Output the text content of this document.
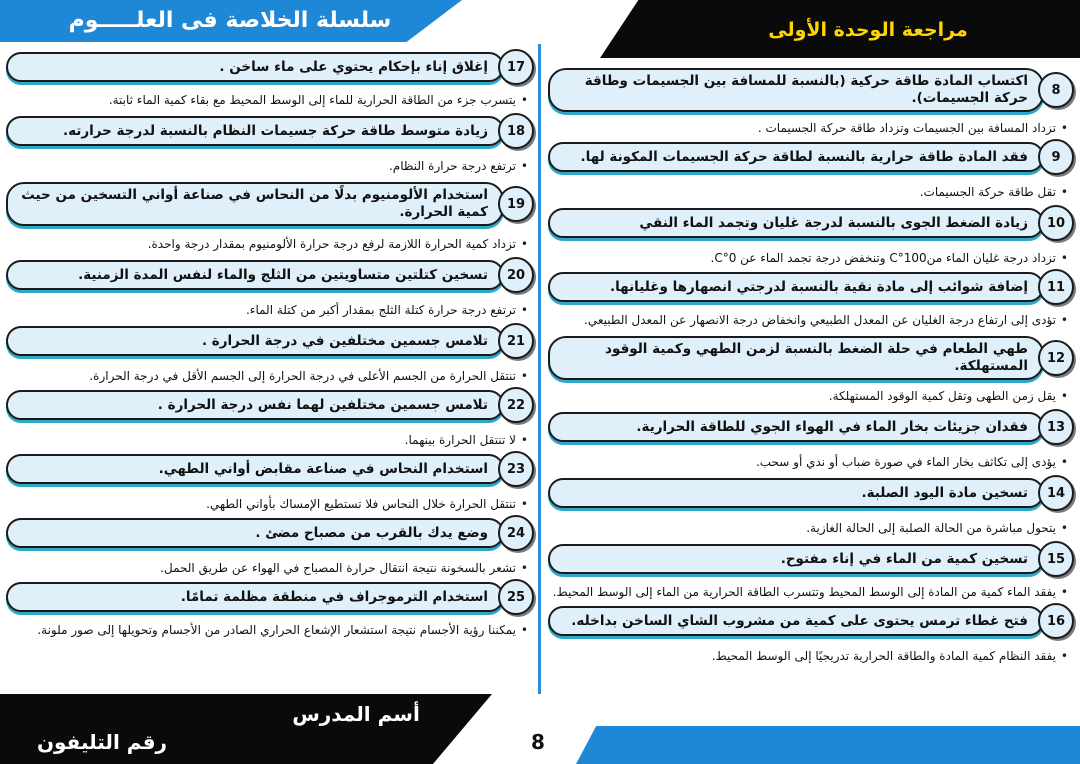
سلسلة الخلاصة فى العلـــــوم	مراجعة الوحدة الأولى
17
إغلاق إناء بإحكام يحتوي على ماء ساخن .
• يتسرب جزء من الطاقة الحرارية للماء إلى الوسط المحيط مع بقاء كمية الماء ثابتة.
18
زيادة متوسط طاقة حركة جسيمات النظام بالنسبة لدرجة حرارته.
• ترتفع درجة حرارة النظام.
19
استخدام الألومنيوم بدلًا من النحاس في صناعة أواني التسخين من حيث كمية الحرارة.
• تزداد كمية الحرارة اللازمة لرفع درجة حرارة الألومنيوم بمقدار درجة واحدة.
20
تسخين كتلتين متساويتين من الثلج والماء لنفس المدة الزمنية.
• ترتفع درجة حرارة كتلة الثلج بمقدار أكبر من كتلة الماء.
21
تلامس جسمين مختلفين في درجة الحرارة .
• تنتقل الحرارة من الجسم الأعلى في درجة الحرارة إلى الجسم الأقل في درجة الحرارة.
22
تلامس جسمين مختلفين لهما نفس درجة الحرارة .
• لا تنتقل الحرارة بينهما.
23
استخدام النحاس في صناعة مقابض أواني الطهي.
• تنتقل الحرارة خلال النحاس فلا تستطيع الإمساك بأواني الطهي.
24
وضع يدك بالقرب من مصباح مضئ .
• تشعر بالسخونة نتيجة انتقال حرارة المصباح في الهواء عن طريق الحمل.
25
استخدام الترموجراف في منطقة مظلمة تمامًا.
• يمكننا رؤية الأجسام نتيجة استشعار الإشعاع الحراري الصادر من الأجسام وتحويلها إلى صور ملونة.
8
اكتساب المادة طاقة حركية (بالنسبة للمسافة بين الجسيمات وطاقة حركة الجسيمات).
• تزداد المسافة بين الجسيمات وتزداد طاقة حركة الجسيمات .
9
فقد المادة طاقة حرارية بالنسبة لطاقة حركة الجسيمات المكونة لها.
• تقل طاقة حركة الجسيمات.
10
زيادة الضغط الجوى بالنسبة لدرجة غليان وتجمد الماء النقي
• تزداد درجة غليان الماء من100°C وتنخفض درجة تجمد الماء عن 0°C.
11
إضافة شوائب إلى مادة نقية بالنسبة لدرجتي انصهارها وغليانها.
• تؤدى إلى ارتفاع درجة الغليان عن المعدل الطبيعي وانخفاض درجة الانصهار عن المعدل الطبيعي.
12
طهي الطعام في حلة الضغط بالنسبة لزمن الطهي وكمية الوقود المستهلكة.
• يقل زمن الطهى وتقل كمية الوقود المستهلكة.
13
فقدان جزيئات بخار الماء في الهواء الجوي للطاقة الحرارية.
• يؤدى إلى تكاثف بخار الماء في صورة ضباب أو ندي أو سحب.
14
تسخين مادة اليود الصلبة.
• يتحول مباشرة من الحالة الصلبة إلى الحالة الغازية.
15
تسخين كمية من الماء في إناء مفتوح.
• يفقد الماء كمية من المادة إلى الوسط المحيط وتتسرب الطاقة الحرارية من الماء إلى الوسط المحيط.
16
فتح غطاء ترمس يحتوى على كمية من مشروب الشاي الساخن بداخله.
• يفقد النظام كمية المادة والطاقة الحرارية تدريجيًا إلى الوسط المحيط.
أسم المدرس
رقم التليفون	8
